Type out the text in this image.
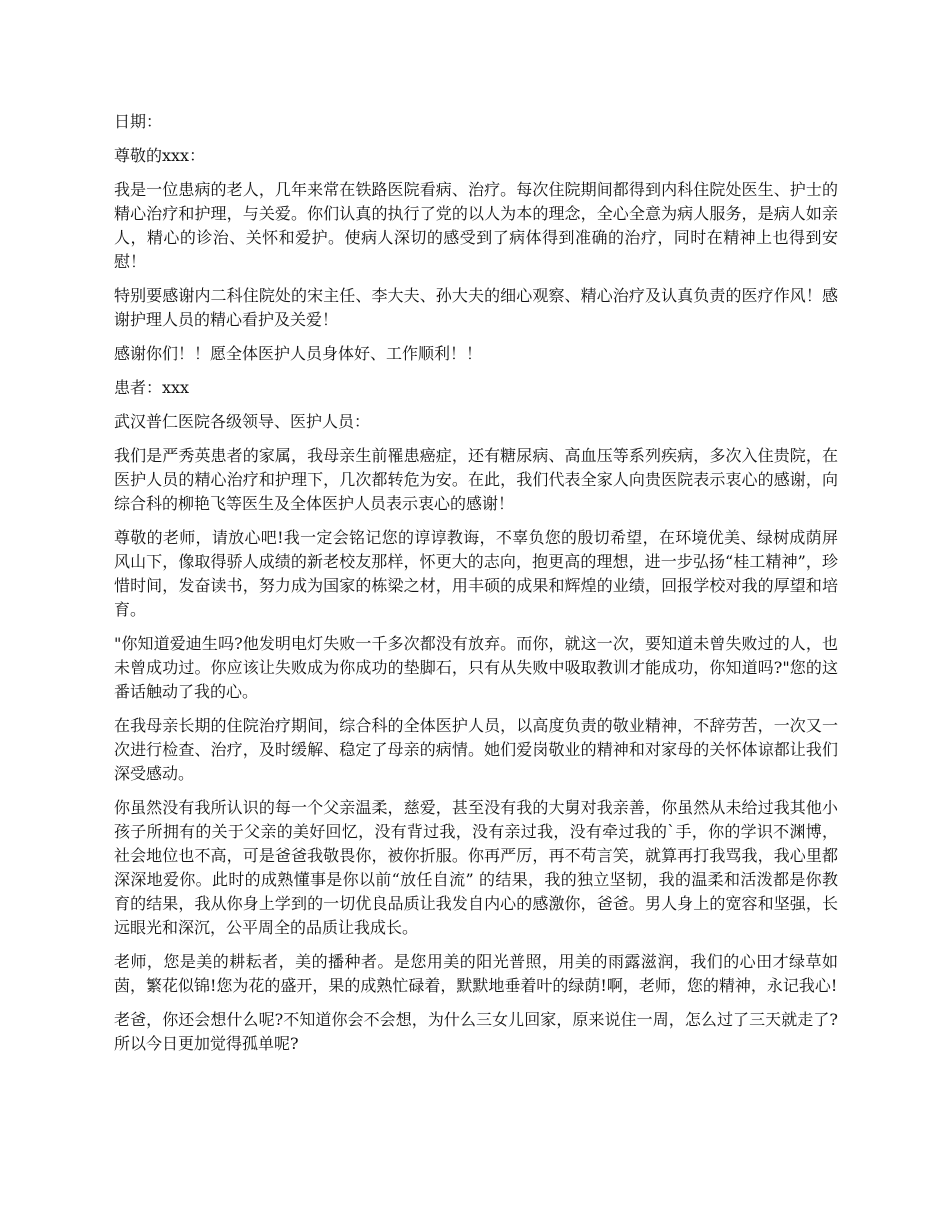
日期：

尊敬的xxx：

我是一位患病的老人，几年来常在铁路医院看病、治疗。每次住院期间都得到内科住院处医生、护士的精心治疗和护理，与关爱。你们认真的执行了党的以人为本的理念，全心全意为病人服务，是病人如亲人，精心的诊治、关怀和爱护。使病人深切的感受到了病体得到准确的治疗，同时在精神上也得到安慰！

特别要感谢内二科住院处的宋主任、李大夫、孙大夫的细心观察、精心治疗及认真负责的医疗作风！感谢护理人员的精心看护及关爱！

感谢你们！！愿全体医护人员身体好、工作顺利！！

患者：xxx

武汉普仁医院各级领导、医护人员：

我们是严秀英患者的家属，我母亲生前罹患癌症，还有糖尿病、高血压等系列疾病，多次入住贵院，在医护人员的精心治疗和护理下，几次都转危为安。在此，我们代表全家人向贵医院表示衷心的感谢，向综合科的柳艳飞等医生及全体医护人员表示衷心的感谢！

尊敬的老师，请放心吧!我一定会铭记您的谆谆教诲，不辜负您的殷切希望，在环境优美、绿树成荫屏风山下，像取得骄人成绩的新老校友那样，怀更大的志向，抱更高的理想，进一步弘扬“桂工精神”，珍惜时间，发奋读书，努力成为国家的栋梁之材，用丰硕的成果和辉煌的业绩，回报学校对我的厚望和培育。

"你知道爱迪生吗?他发明电灯失败一千多次都没有放弃。而你，就这一次，要知道未曾失败过的人，也未曾成功过。你应该让失败成为你成功的垫脚石，只有从失败中吸取教训才能成功，你知道吗?"您的这番话触动了我的心。

在我母亲长期的住院治疗期间，综合科的全体医护人员，以高度负责的敬业精神，不辞劳苦，一次又一次进行检查、治疗，及时缓解、稳定了母亲的病情。她们爱岗敬业的精神和对家母的关怀体谅都让我们深受感动。

你虽然没有我所认识的每一个父亲温柔，慈爱，甚至没有我的大舅对我亲善，你虽然从未给过我其他小孩子所拥有的关于父亲的美好回忆，没有背过我，没有亲过我，没有牵过我的`手，你的学识不渊博，社会地位也不高，可是爸爸我敬畏你，被你折服。你再严厉，再不苟言笑，就算再打我骂我，我心里都深深地爱你。此时的成熟懂事是你以前“放任自流” 的结果，我的独立坚韧，我的温柔和活泼都是你教育的结果，我从你身上学到的一切优良品质让我发自内心的感激你，爸爸。男人身上的宽容和坚强，长远眼光和深沉，公平周全的品质让我成长。

老师，您是美的耕耘者，美的播种者。是您用美的阳光普照，用美的雨露滋润，我们的心田才绿草如茵，繁花似锦!您为花的盛开，果的成熟忙碌着，默默地垂着叶的绿荫!啊，老师，您的精神，永记我心!

老爸，你还会想什么呢?不知道你会不会想，为什么三女儿回家，原来说住一周，怎么过了三天就走了?所以今日更加觉得孤单呢?
